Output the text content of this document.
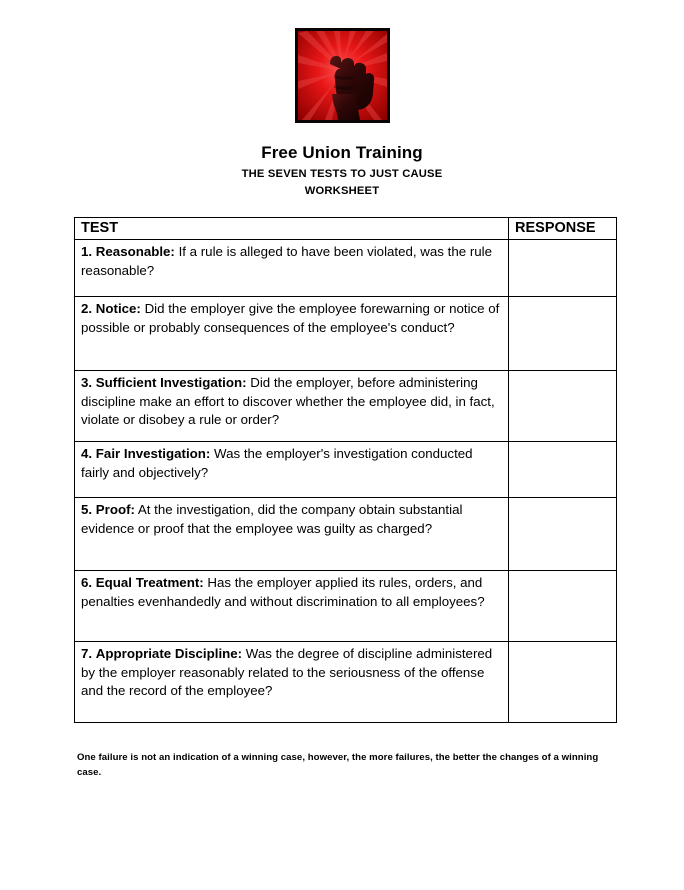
Free Union Training

THE SEVEN TESTS TO JUST CAUSE

WORKSHEET

TEST	RESPONSE
1. Reasonable: If a rule is alleged to have been violated, was the rule reasonable?	
2. Notice: Did the employer give the employee forewarning or notice of possible or probably consequences of the employee's conduct?	
3. Sufficient Investigation: Did the employer, before administering discipline make an effort to discover whether the employee did, in fact, violate or disobey a rule or order?	
4. Fair Investigation: Was the employer's investigation conducted fairly and objectively?	
5. Proof: At the investigation, did the company obtain substantial evidence or proof that the employee was guilty as charged?	
6. Equal Treatment: Has the employer applied its rules, orders, and penalties evenhandedly and without discrimination to all employees?	
7. Appropriate Discipline: Was the degree of discipline administered by the employer reasonably related to the seriousness of the offense and the record of the employee?	
One failure is not an indication of a winning case, however, the more failures, the better the changes of a winning case.
